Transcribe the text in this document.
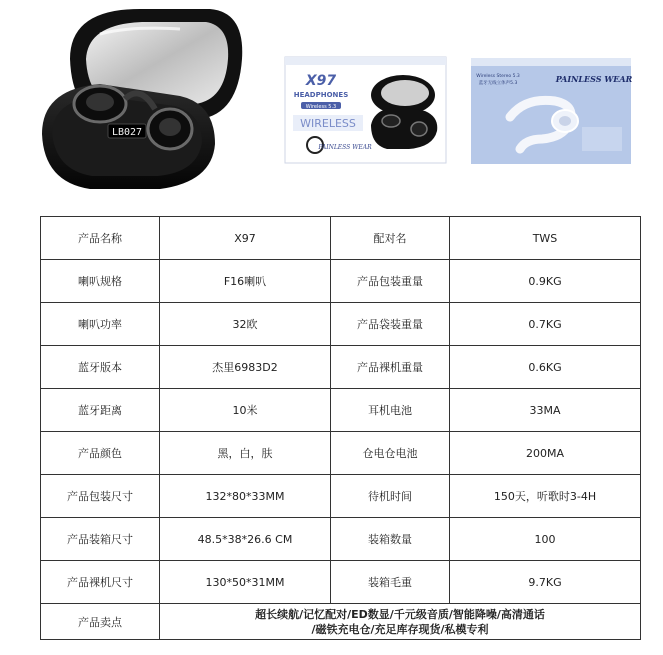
LB027
X97
HEADPHONES
Wireless 5.3
WIRELESS
PAINLESS WEAR
Wireless Stereo 5.3
蓝牙无线立体声5.3	PAINLESS WEAR
产品名称	X97	配对名	TWS
喇叭规格	F16喇叭	产品包装重量	0.9KG
喇叭功率	32欧	产品袋装重量	0.7KG
蓝牙版本	杰里6983D2	产品裸机重量	0.6KG
蓝牙距离	10米	耳机电池	33MA
产品颜色	黑，白，肤	仓电仓电池	200MA
产品包装尺寸	132*80*33MM	待机时间	150天，听歌时3-4H
产品装箱尺寸	48.5*38*26.6 CM	装箱数量	100
产品裸机尺寸	130*50*31MM	装箱毛重	9.7KG
产品卖点	超长续航/记忆配对/ED数显/千元级音质/智能降噪/高清通话
/磁铁充电仓/充足库存现货/私模专利		
